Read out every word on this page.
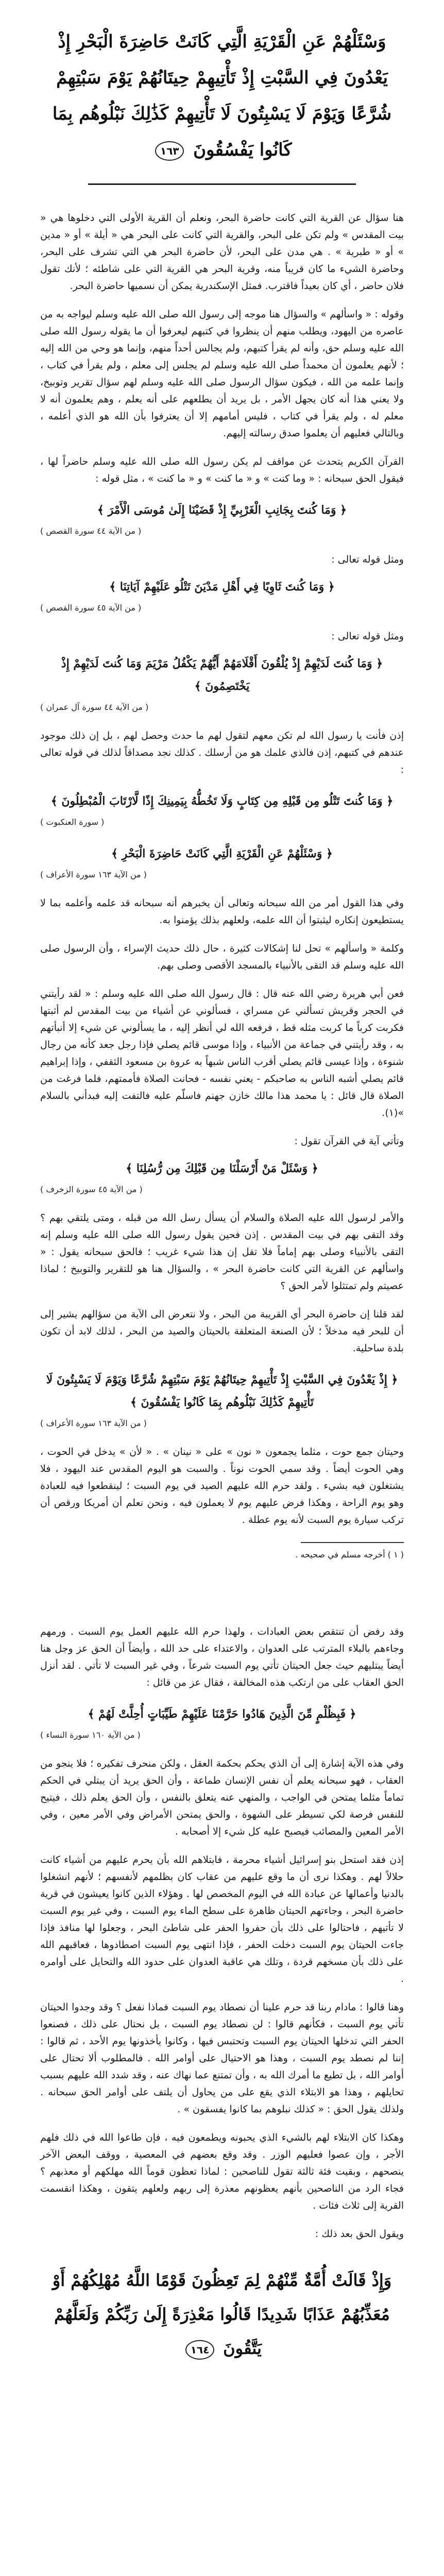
وَسْئَلْهُمْ عَنِ الْقَرْيَةِ الَّتِي كَانَتْ حَاضِرَةَ الْبَحْرِ إِذْ يَعْدُونَ فِي السَّبْتِ إِذْ تَأْتِيهِمْ حِيتَانُهُمْ يَوْمَ سَبْتِهِمْ شُرَّعًا وَيَوْمَ لَا يَسْبِتُونَ لَا تَأْتِيهِمْ كَذَٰلِكَ نَبْلُوهُم بِمَا كَانُوا يَفْسُقُونَ ١٦٣
هنا سؤال عن القرية التي كانت حاضرة البحر، ونعلم أن القرية الأولى التي دخلوها هي « بيت المقدس » ولم تكن على البحر، والقرية التي كانت على البحر هي « أيلة » أو « مدين » أو « طبرية » . هي مدن على البحر، لأن حاضرة البحر هي التي تشرف على البحر، وحاضرة الشيء ما كان قريباً منه، وقرية البحر هي القرية التي على شاطئه ؛ لأنك تقول فلان حاضر ، أي كان بعيداً فاقترب. فمثل الإسكندرية يمكن أن نسميها حاضرة البحر.
وقوله : « واسألهم » والسؤال هنا موجه إلى رسول الله صلى الله عليه وسلم ليواجه به من عاصره من اليهود، ويطلب منهم أن ينظروا في كتبهم ليعرفوا أن ما يقوله رسول الله صلى الله عليه وسلم حق، وأنه لم يقرأ كتبهم، ولم يجالس أحداً منهم، وإنما هو وحي من الله إليه ؛ لأنهم يعلمون أن محمداً صلى الله عليه وسلم لم يجلس إلى معلم ، ولم يقرأ في كتاب ، وإنما علمه من الله ، فيكون سؤال الرسول صلى الله عليه وسلم لهم سؤال تقرير وتوبيخ، ولا يعني هذا أنه كان يجهل الأمر ، بل يريد أن يطلعهم على أنه يعلم ، وهم يعلمون أنه لا معلم له ، ولم يقرأ في كتاب ، فليس أمامهم إلا أن يعترفوا بأن الله هو الذي أعلمه ، وبالتالي فعليهم أن يعلموا صدق رسالته إليهم.
القرآن الكريم يتحدث عن مواقف لم يكن رسول الله صلى الله عليه وسلم حاضراً لها ، فيقول الحق سبحانه : « وما كنت » و « ما كنت » و « ما كنت » ، مثل قوله :
﴿ وَمَا كُنتَ بِجَانِبِ الْغَرْبِيِّ إِذْ قَضَيْنَا إِلَىٰ مُوسَى الْأَمْرَ ﴾
( من الآية ٤٤ سورة القصص )
ومثل قوله تعالى :
﴿ وَمَا كُنتَ ثَاوِيًا فِي أَهْلِ مَدْيَنَ تَتْلُو عَلَيْهِمْ آيَاتِنَا ﴾
( من الآية ٤٥ سورة القصص )
ومثل قوله تعالى :
﴿ وَمَا كُنتَ لَدَيْهِمْ إِذْ يُلْقُونَ أَقْلَامَهُمْ أَيُّهُمْ يَكْفُلُ مَرْيَمَ وَمَا كُنتَ لَدَيْهِمْ إِذْ يَخْتَصِمُونَ ﴾
( من الآية ٤٤ سورة آل عمران )
إذن فأنت يا رسول الله لم تكن معهم لتقول لهم ما حدث وحصل لهم ، بل إن ذلك موجود عندهم في كتبهم، إذن فالذي علمك هو من أرسلك . كذلك نجد مصداقاً لذلك في قوله تعالى :
﴿ وَمَا كُنتَ تَتْلُو مِن قَبْلِهِ مِن كِتَابٍ وَلَا تَخُطُّهُ بِيَمِينِكَ إِذًا لَّارْتَابَ الْمُبْطِلُونَ ﴾
( سورة العنكبوت )
﴿ وَسْئَلْهُمْ عَنِ الْقَرْيَةِ الَّتِي كَانَتْ حَاضِرَةَ الْبَحْرِ ﴾
( من الآية ١٦٣ سورة الأعراف )
وفي هذا القول أمر من الله سبحانه وتعالى أن يخبرهم أنه سبحانه قد علمه وأعلمه بما لا يستطيعون إنكاره ليثبتوا أن الله علمه، ولعلهم بذلك يؤمنوا به.
وكلمة « واسألهم » تحل لنا إشكالات كثيرة ، حال ذلك حديث الإسراء ، وأن الرسول صلى الله عليه وسلم قد التقى بالأنبياء بالمسجد الأقصى وصلى بهم.
فعن أبي هريرة رضي الله عنه قال : قال رسول الله صلى الله عليه وسلم : « لقد رأيتني في الحجر وقريش تسألني عن مسراي ، فسألوني عن أشياء من بيت المقدس لم أثبتها فكربت كرباً ما كربت مثله قط ، فرفعه الله لي أنظر إليه ، ما يسألوني عن شيء إلا أنبأتهم به ، وقد رأيتني في جماعة من الأنبياء ، وإذا موسى قائم يصلي فإذا رجل جعد كأنه من رجال شنوءة ، وإذا عيسى قائم يصلي أقرب الناس شبهاً به عروة بن مسعود الثقفي ، وإذا إبراهيم قائم يصلي أشبه الناس به صاحبكم - يعني نفسه - فحانت الصلاة فأممتهم، فلما فرغت من الصلاة قال قائل : يا محمد هذا مالك خازن جهنم فاسلّم عليه فالتفت إليه فبدأني بالسلام »(١).
وتأتي آية في القرآن تقول :
﴿ وَسْئَلْ مَنْ أَرْسَلْنَا مِن قَبْلِكَ مِن رُّسُلِنَا ﴾
( من الآية ٤٥ سورة الزخرف )
والأمر لرسول الله عليه الصلاة والسلام أن يسأل رسل الله من قبله ، ومتى يلتقي بهم ؟ وقد التقى بهم في بيت المقدس . إذن فحين يقول رسول الله صلى الله عليه وسلم إنه التقى بالأنبياء وصلى بهم إماماً فلا تقل إن هذا شيء غريب ؛ فالحق سبحانه يقول : « واسألهم عن القرية التي كانت حاضرة البحر » ، والسؤال هنا هو للتقرير والتوبيخ ؛ لماذا عصيتم ولم تمتثلوا لأمر الحق ؟
لقد قلنا إن حاضرة البحر أي القريبة من البحر ، ولا نتعرض الى الآية من سؤالهم يشير إلى أن للبحر فيه مدخلاً ؛ لأن الصنعة المتعلقة بالحيتان والصيد من البحر ، لذلك لابد أن تكون بلدة ساحلية.
﴿ إِذْ يَعْدُونَ فِي السَّبْتِ إِذْ تَأْتِيهِمْ حِيتَانُهُمْ يَوْمَ سَبْتِهِمْ شُرَّعًا وَيَوْمَ لَا يَسْبِتُونَ لَا تَأْتِيهِمْ كَذَٰلِكَ نَبْلُوهُم بِمَا كَانُوا يَفْسُقُونَ ﴾
( من الآية ١٦٣ سورة الأعراف )
وحيتان جمع حوت ، مثلما يجمعون « نون » على « نينان » . « لأن » يدخل في الحوت ، وهي الحوت أيضاً . وقد سمي الحوت نوناً . والسبت هو اليوم المقدس عند اليهود ، فلا يشتغلون فيه بشيء . ولقد حرم الله عليهم الصيد في يوم السبت ؛ لينقطعوا فيه للعبادة وهو يوم الراحة ، وهكذا فرض عليهم يوم لا يعملون فيه ، ونحن نعلم أن أمريكا ورقص أن تركب سيارة يوم السبت لأنه يوم عطلة .
( ١ ) أخرجه مسلم في صحيحه .
وقد رفض أن تنتقص بعض العبادات ، ولهذا حرم الله عليهم العمل يوم السبت . ورمهم وجاءهم بالبلاء المترتب على العدوان ، والاعتداء على حد الله ، وأيضاً أن الحق عز وجل هنا أيضاً يبتليهم حيث جعل الحيتان تأتي يوم السبت شرعاً ، وفي غير السبت لا تأتي . لقد أنزل الحق العقاب على من ارتكب هذه المخالفة ، فقال عز من قائل :
﴿ فَبِظُلْمٍ مِّنَ الَّذِينَ هَادُوا حَرَّمْنَا عَلَيْهِمْ طَيِّبَاتٍ أُحِلَّتْ لَهُمْ ﴾
( من الآية ١٦٠ سورة النساء )
وفي هذه الآية إشارة إلى أن الذي يحكم بحكمة العقل ، ولكن منحرف تفكيره ؛ فلا ينجو من العقاب ، فهو سبحانه يعلم أن نفس الإنسان طماعة ، وأن الحق يريد أن يبتلي في الحكم تماماً مثلما يمتحن في الواجب ، والمنهي عنه يتعلق بالنفس ، وأن الحق يعلم ذلك ، فيتيح للنفس فرصة لكي تسيطر على الشهوة ، والحق يمتحن الأمراض وفي الأمر معين ، وفي الأمر المعين والمصائب فيصبح عليه كل شيء إلا أصحابه .
إذن فقد استحل بنو إسرائيل أشياء محرمة ، فابتلاهم الله بأن يحرم عليهم من أشياء كانت حلالاً لهم . وهكذا نرى أن ما وقع عليهم من عقاب كان بظلمهم لأنفسهم ؛ لأنهم انشغلوا بالدنيا وأعمالها عن عبادة الله في اليوم المخصص لها . وهؤلاء الذين كانوا يعيشون في قرية حاضرة البحر ، وجاءتهم الحيتان ظاهرة على سطح الماء يوم السبت ، وفي غير يوم السبت لا تأتيهم ، فاحتالوا على ذلك بأن حفروا الحفر على شاطئ البحر ، وجعلوا لها منافذ فإذا جاءت الحيتان يوم السبت دخلت الحفر ، فإذا انتهى يوم السبت اصطادوها ، فعاقبهم الله على ذلك بأن مسخهم قردة ، وتلك هي عاقبة العدوان على حدود الله والتحايل على أوامره .
وهنا قالوا : مادام ربنا قد حرم علينا أن نصطاد يوم السبت فماذا نفعل ؟ وقد وجدوا الحيتان تأتي يوم السبت ، فكأنهم قالوا : لن نصطاد يوم السبت ، بل نحتال على ذلك ، فصنعوا الحفر التي تدخلها الحيتان يوم السبت وتحتبس فيها ، وكانوا يأخذونها يوم الأحد ، ثم قالوا : إننا لم نصطد يوم السبت ، وهذا هو الاحتيال على أوامر الله . فالمطلوب ألا تحتال على أوامر الله ، بل تطيع ما أمرك الله به ، وأن تمتنع عما نهاك عنه ، وقد شدد الله عليهم بسبب تحايلهم ، وهذا هو الابتلاء الذي يقع على من يحاول أن يلتف على أوامر الحق سبحانه . ولذلك يقول الحق : « كذلك نبلوهم بما كانوا يفسقون » .
وهكذا كان الابتلاء لهم بالشيء الذي يحبونه ويطمعون فيه ، فإن طاعوا الله في ذلك فلهم الأجر ، وإن عصوا فعليهم الوزر . وقد وقع بعضهم في المعصية ، ووقف البعض الآخر ينصحهم ، وبقيت فئة ثالثة تقول للناصحين : لماذا تعظون قوماً الله مهلكهم أو معذبهم ؟ فجاء الرد من الناصحين بأنهم يعظونهم معذرة إلى ربهم ولعلهم يتقون ، وهكذا انقسمت القرية إلى ثلاث فئات .
ويقول الحق بعد ذلك :
وَإِذْ قَالَتْ أُمَّةٌ مِّنْهُمْ لِمَ تَعِظُونَ قَوْمًا اللَّهُ مُهْلِكُهُمْ أَوْ مُعَذِّبُهُمْ عَذَابًا شَدِيدًا قَالُوا مَعْذِرَةً إِلَىٰ رَبِّكُمْ وَلَعَلَّهُمْ يَتَّقُونَ ١٦٤
